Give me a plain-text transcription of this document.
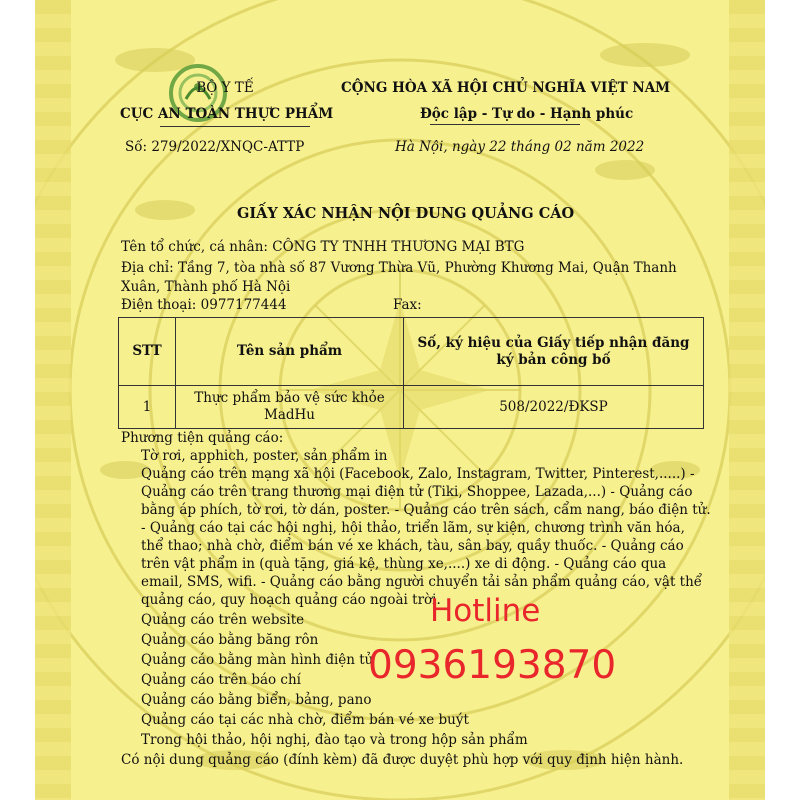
BỘ Y TẾ
CỤC AN TOÀN THỰC PHẨM
Số: 279/2022/XNQC-ATTP
CỘNG HÒA XÃ HỘI CHỦ NGHĨA VIỆT NAM
Độc lập - Tự do - Hạnh phúc
Hà Nội, ngày 22 tháng 02 năm 2022
GIẤY XÁC NHẬN NỘI DUNG QUẢNG CÁO
Tên tổ chức, cá nhân: CÔNG TY TNHH THƯƠNG MẠI BTG
Địa chỉ: Tầng 7, tòa nhà số 87 Vương Thừa Vũ, Phường Khương Mai, Quận Thanh
Xuân, Thành phố Hà Nội
Điện thoại: 0977177444	Fax:
STT	Tên sản phẩm	Số, ký hiệu của Giấy tiếp nhận đăng ký bản công bố
1	Thực phẩm bảo vệ sức khỏe MadHu	508/2022/ĐKSP
Phương tiện quảng cáo:
Tờ rơi, apphich, poster, sản phẩm in
Quảng cáo trên mạng xã hội (Facebook, Zalo, Instagram, Twitter, Pinterest,.....) -
Quảng cáo trên trang thương mại điện tử (Tiki, Shoppee, Lazada,...) - Quảng cáo
bằng áp phích, tờ rơi, tờ dán, poster. - Quảng cáo trên sách, cẩm nang, báo điện tử.
- Quảng cáo tại các hội nghị, hội thảo, triển lãm, sự kiện, chương trình văn hóa,
thể thao; nhà chờ, điểm bán vé xe khách, tàu, sân bay, quầy thuốc. - Quảng cáo
trên vật phẩm in (quà tặng, giá kệ, thùng xe,....) xe di động. - Quảng cáo qua
email, SMS, wifi. - Quảng cáo bằng người chuyển tải sản phẩm quảng cáo, vật thể
quảng cáo, quy hoạch quảng cáo ngoài trời.
Quảng cáo trên website
Quảng cáo bằng băng rôn
Quảng cáo bằng màn hình điện tử
Quảng cáo trên báo chí
Quảng cáo bằng biển, bảng, pano
Quảng cáo tại các nhà chờ, điểm bán vé xe buýt
Trong hội thảo, hội nghị, đào tạo và trong hộp sản phẩm
Có nội dung quảng cáo (đính kèm) đã được duyệt phù hợp với quy định hiện hành.
Hotline
0936193870
